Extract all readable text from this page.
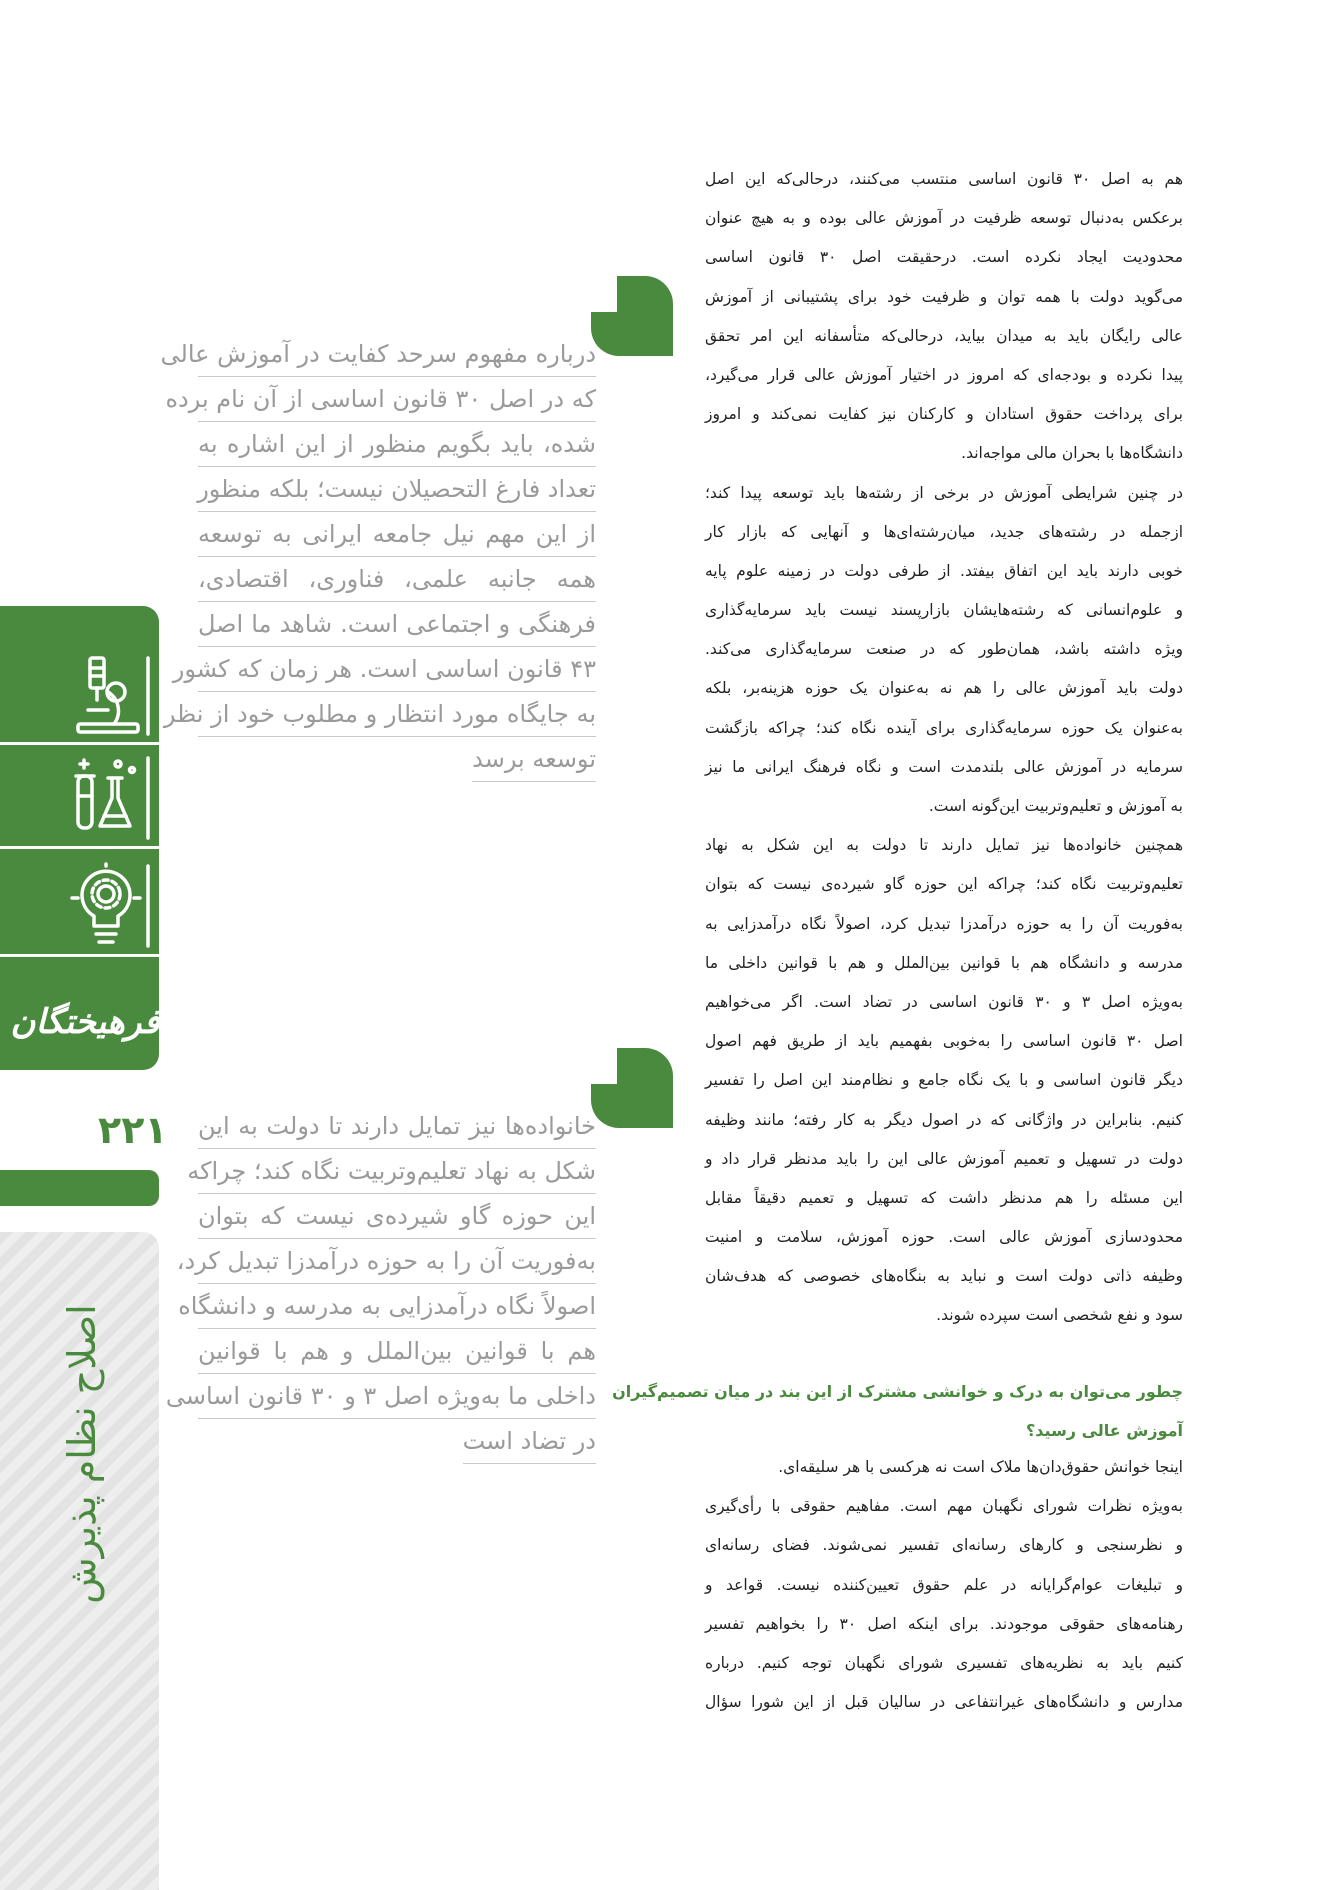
فرهیختگان
۲۲۱
اصلاح نظام پذیرش
درباره مفهوم سرحد کفایت در آموزش عالی
که در اصل ۳۰ قانون اساسی از آن نام برده
شده، باید بگویم منظور از این اشاره به
تعداد فارغ التحصیلان نیست؛ بلکه منظور
از این مهم نیل جامعه ایرانی به توسعه
همه جانبه علمی، فناوری، اقتصادی،
فرهنگی و اجتماعی است. شاهد ما اصل
۴۳ قانون اساسی است. هر زمان که کشور
به جایگاه مورد انتظار و مطلوب خود از نظر
توسعه برسد
خانواده‌ها نیز تمایل دارند تا دولت به این
شکل به نهاد تعلیم‌وتربیت نگاه کند؛ چراکه
این حوزه گاو شیرده‌ی نیست که بتوان
به‌فوریت آن را به حوزه درآمدزا تبدیل کرد،
اصولاً نگاه درآمدزایی به مدرسه و دانشگاه
هم با قوانین بین‌الملل و هم با قوانین
داخلی ما به‌ویژه اصل ۳ و ۳۰ قانون اساسی
در تضاد است
هم به اصل ۳۰ قانون اساسی منتسب می‌کنند، درحالی‌که این اصل
برعکس به‌دنبال توسعه ظرفیت در آموزش عالی بوده و به هیچ عنوان
محدودیت ایجاد نکرده است. درحقیقت اصل ۳۰ قانون اساسی
می‌گوید دولت با همه توان و ظرفیت خود برای پشتیبانی از آموزش
عالی رایگان باید به میدان بیاید، درحالی‌که متأسفانه این امر تحقق
پیدا نکرده و بودجه‌ای که امروز در اختیار آموزش عالی قرار می‌گیرد،
برای پرداخت حقوق استادان و کارکنان نیز کفایت نمی‌کند و امروز
دانشگاه‌ها با بحران مالی مواجه‌اند.
در چنین شرایطی آموزش در برخی از رشته‌ها باید توسعه پیدا کند؛
ازجمله در رشته‌های جدید، میان‌رشته‌ای‌ها و آنهایی که بازار کار
خوبی دارند باید این اتفاق بیفتد. از طرفی دولت در زمینه علوم پایه
و علوم‌انسانی که رشته‌هایشان بازارپسند نیست باید سرمایه‌گذاری
ویژه داشته باشد، همان‌طور که در صنعت سرمایه‌گذاری می‌کند.
دولت باید آموزش عالی را هم نه به‌عنوان یک حوزه هزینه‌بر، بلکه
به‌عنوان یک حوزه سرمایه‌گذاری برای آینده نگاه کند؛ چراکه بازگشت
سرمایه در آموزش عالی بلندمدت است و نگاه فرهنگ ایرانی ما نیز
به آموزش و تعلیم‌وتربیت این‌گونه است.
همچنین خانواده‌ها نیز تمایل دارند تا دولت به این شکل به نهاد
تعلیم‌وتربیت نگاه کند؛ چراکه این حوزه گاو شیرده‌ی نیست که بتوان
به‌فوریت آن را به حوزه درآمدزا تبدیل کرد، اصولاً نگاه درآمدزایی به
مدرسه و دانشگاه هم با قوانین بین‌الملل و هم با قوانین داخلی ما
به‌ویژه اصل ۳ و ۳۰ قانون اساسی در تضاد است. اگر می‌خواهیم
اصل ۳۰ قانون اساسی را به‌خوبی بفهمیم باید از طریق فهم اصول
دیگر قانون اساسی و با یک نگاه جامع و نظام‌مند این اصل را تفسیر
کنیم. بنابراین در واژگانی که در اصول دیگر به کار رفته؛ مانند وظیفه
دولت در تسهیل و تعمیم آموزش عالی این را باید مدنظر قرار داد و
این مسئله را هم مدنظر داشت که تسهیل و تعمیم دقیقاً مقابل
محدودسازی آموزش عالی است. حوزه آموزش، سلامت و امنیت
وظیفه ذاتی دولت است و نباید به بنگاه‌های خصوصی که هدف‌شان
سود و نفع شخصی است سپرده شوند.
چطور می‌توان به درک و خوانشی مشترک از این بند در میان تصمیم‌گیران
آموزش عالی رسید؟
اینجا خوانش حقوق‌دان‌ها ملاک است نه هرکسی با هر سلیقه‌ای.
به‌ویژه نظرات شورای نگهبان مهم است. مفاهیم حقوقی با رأی‌گیری
و نظرسنجی و کارهای رسانه‌ای تفسیر نمی‌شوند. فضای رسانه‌ای
و تبلیغات عوام‌گرایانه در علم حقوق تعیین‌کننده نیست. قواعد و
رهنامه‌های حقوقی موجودند. برای اینکه اصل ۳۰ را بخواهیم تفسیر
کنیم باید به نظریه‌های تفسیری شورای نگهبان توجه کنیم. درباره
مدارس و دانشگاه‌های غیرانتفاعی در سالیان قبل از این شورا سؤال
